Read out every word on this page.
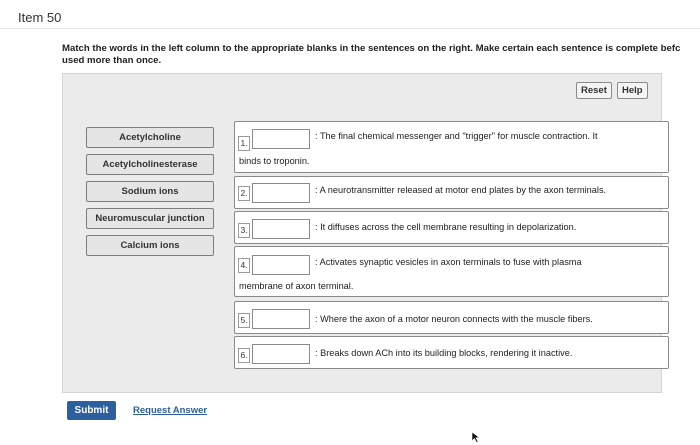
Item 50
Match the words in the left column to the appropriate blanks in the sentences on the right. Make certain each sentence is complete befc
used more than once.
Reset	Help
Acetylcholine
Acetylcholinesterase
Sodium ions
Neuromuscular junction
Calcium ions
1.
: The final chemical messenger and "trigger" for muscle contraction. It
binds to troponin.
2.	: A neurotransmitter released at motor end plates by the axon terminals.
3.	: It diffuses across the cell membrane resulting in depolarization.
4.	: Activates synaptic vesicles in axon terminals to fuse with plasma
membrane of axon terminal.
5.	: Where the axon of a motor neuron connects with the muscle fibers.
6.	: Breaks down ACh into its building blocks, rendering it inactive.
Submit	Request Answer
